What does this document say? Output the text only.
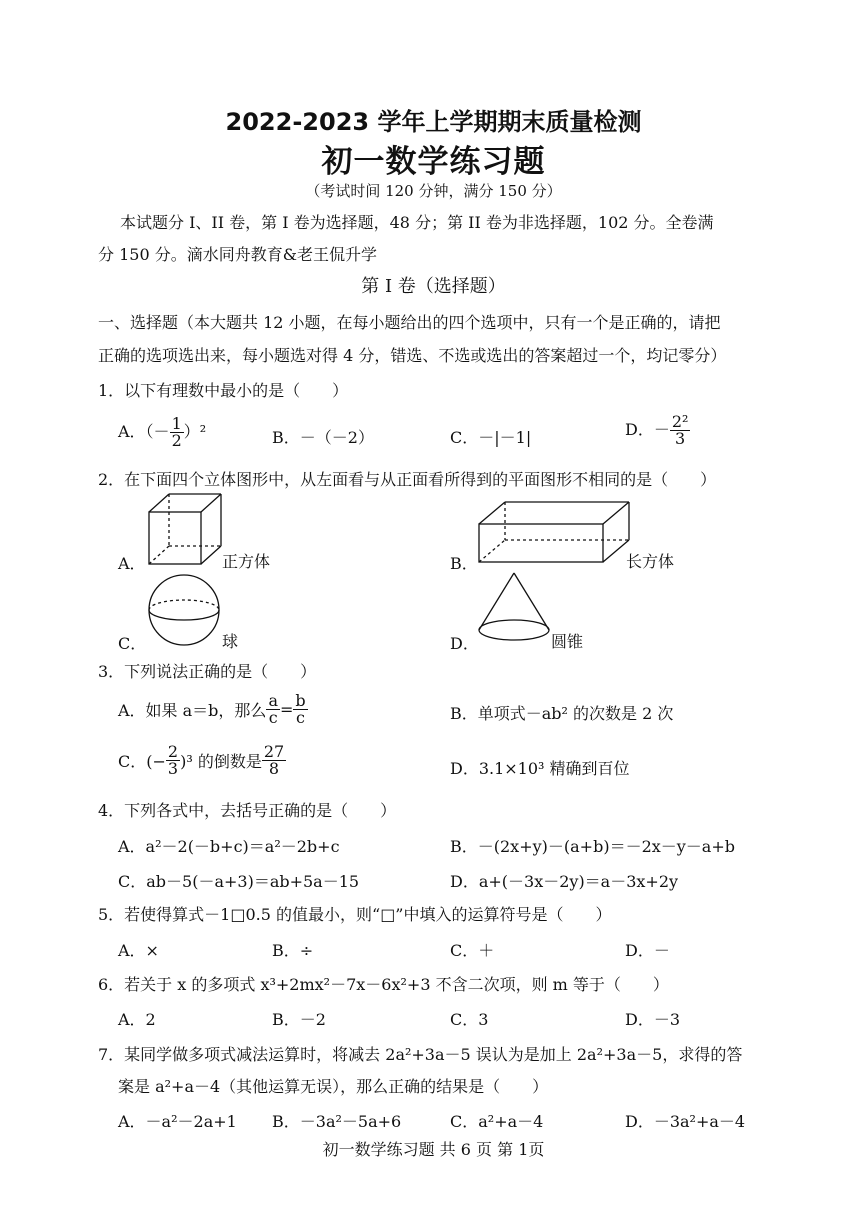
2022-2023 学年上学期期末质量检测
初一数学练习题
（考试时间 120 分钟，满分 150 分）
本试题分 I、II 卷，第 I 卷为选择题，48 分；第 II 卷为非选择题，102 分。全卷满
分 150 分。滴水同舟教育&老王侃升学
第 I 卷（选择题）
一、选择题（本大题共 12 小题，在每小题给出的四个选项中，只有一个是正确的，请把
正确的选项选出来，每小题选对得 4 分，错选、不选或选出的答案超过一个，均记零分）
1．以下有理数中最小的是（　　）
A．（－ $\frac{1}{2} )^2$	B．－（－2）	C．－|－1|	D．－ $\frac{\text{2²}}{3}$
2．在下面四个立体图形中，从左面看与从正面看所得到的平面图形不相同的是（　　）
A．	正方体	B．	长方体
C．	球	D．	圆锥
3．下列说法正确的是（　　）
A．如果 a＝b，那么 $\frac{a}{c} = \frac{b}{c}$	B．单项式－ab² 的次数是 2 次
C．(− $\frac{2}{3} )^3$ 的倒数是 $\frac{27}{8}$	D．3.1×10³ 精确到百位
4．下列各式中，去括号正确的是（　　）
A．a²－2(－b+c)＝a²－2b+c	B．－(2x+y)－(a+b)＝－2x－y－a+b
C．ab－5(－a+3)＝ab+5a－15	D．a+(－3x－2y)＝a－3x+2y
5．若使得算式－1□0.5 的值最小，则“□”中填入的运算符号是（　　）
A．×	B．÷	C．＋	D．－
6．若关于 x 的多项式 x³+2mx²－7x－6x²+3 不含二次项，则 m 等于（　　）
A．2	B．－2	C．3	D．－3
7．某同学做多项式减法运算时，将减去 2a²+3a－5 误认为是加上 2a²+3a－5，求得的答
案是 a²+a－4（其他运算无误），那么正确的结果是（　　）
A．－a²－2a+1 B．－3a²－5a+6	C．a²+a－4	D．－3a²+a－4
初一数学练习题 共 6 页 第 1页
